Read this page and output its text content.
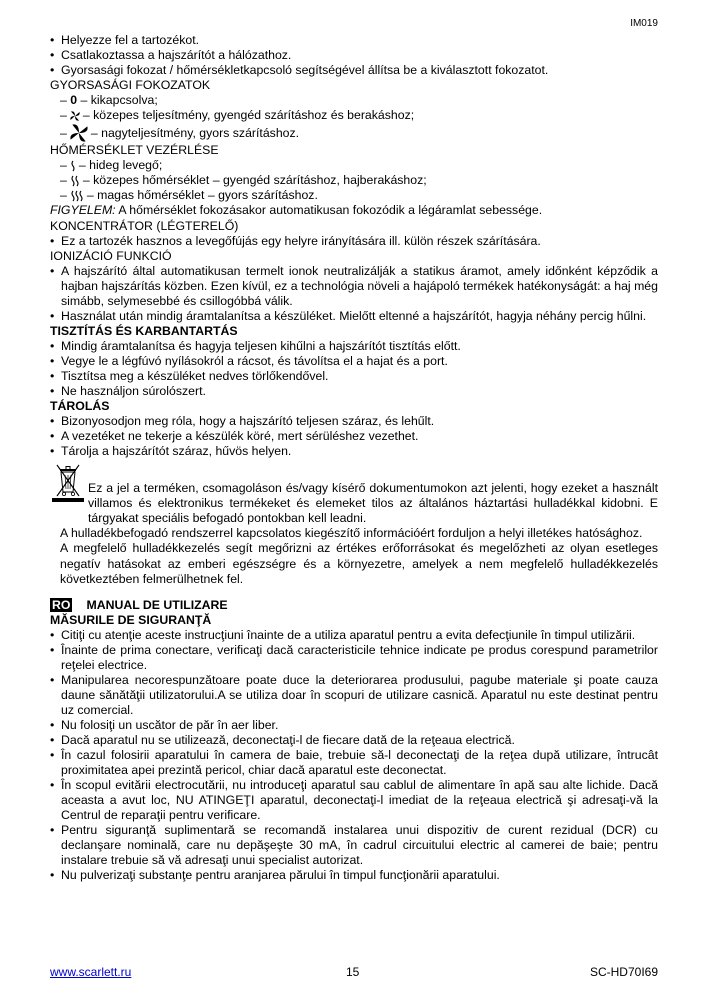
IM019

• Helyezze fel a tartozékot.

• Csatlakoztassa a hajszárítót a hálózathoz.

• Gyorsasági fokozat / hőmérsékletkapcsoló segítségével állítsa be a kiválasztott fokozatot.

GYORSASÁGI FOKOZATOK

– 0 – kikapcsolva;

– – közepes teljesítmény, gyengéd szárításhoz és berakáshoz;

– – nagyteljesítmény, gyors szárításhoz.

HŐMÉRSÉKLET VEZÉRLÉSE

– – hideg levegő;

– – közepes hőmérséklet – gyengéd szárításhoz, hajberakáshoz;

– – magas hőmérséklet – gyors szárításhoz.

FIGYELEM: A hőmérséklet fokozásakor automatikusan fokozódik a légáramlat sebessége.

KONCENTRÁTOR (LÉGTERELŐ)

• Ez a tartozék hasznos a levegőfújás egy helyre irányítására ill. külön részek szárítására.

IONIZÁCIÓ FUNKCIÓ

• A hajszárító által automatikusan termelt ionok neutralizálják a statikus áramot, amely időnként képződik a hajban hajszárítás közben. Ezen kívül, ez a technológia növeli a hajápoló termékek hatékonyságát: a haj még simább, selymesebbé és csillogóbbá válik.

• Használat után mindig áramtalanítsa a készüléket. Mielőtt eltenné a hajszárítót, hagyja néhány percig hűlni.

TISZTÍTÁS ÉS KARBANTARTÁS

• Mindig áramtalanítsa és hagyja teljesen kihűlni a hajszárítót tisztítás előtt.

• Vegye le a légfúvó nyílásokról a rácsot, és távolítsa el a hajat és a port.

• Tisztítsa meg a készüléket nedves törlőkendővel.

• Ne használjon súrolószert.

TÁROLÁS

• Bizonyosodjon meg róla, hogy a hajszárító teljesen száraz, és lehűlt.

• A vezetéket ne tekerje a készülék köré, mert sérüléshez vezethet.

• Tárolja a hajszárítót száraz, hűvös helyen.

Ez a jel a terméken, csomagoláson és/vagy kísérő dokumentumokon azt jelenti, hogy ezeket a használt villamos és elektronikus termékeket és elemeket tilos az általános háztartási hulladékkal kidobni. E tárgyakat speciális befogadó pontokban kell leadni.

A hulladékbefogadó rendszerrel kapcsolatos kiegészítő információért forduljon a helyi illetékes hatósághoz.

A megfelelő hulladékkezelés segít megőrizni az értékes erőforrásokat és megelőzheti az olyan esetleges negatív hatásokat az emberi egészségre és a környezetre, amelyek a nem megfelelő hulladékkezelés következtében felmerülhetnek fel.

RO MANUAL DE UTILIZARE

MĂSURILE DE SIGURANŢĂ

• Citiţi cu atenţie aceste instrucţiuni înainte de a utiliza aparatul pentru a evita defecţiunile în timpul utilizării.

• Înainte de prima conectare, verificaţi dacă caracteristicile tehnice indicate pe produs corespund parametrilor reţelei electrice.

• Manipularea necorespunzătoare poate duce la deteriorarea produsului, pagube materiale şi poate cauza daune sănătăţii utilizatorului.A se utiliza doar în scopuri de utilizare casnică. Aparatul nu este destinat pentru uz comercial.

• Nu folosiţi un uscător de păr în aer liber.

• Dacă aparatul nu se utilizează, deconectaţi-l de fiecare dată de la reţeaua electrică.

• În cazul folosirii aparatului în camera de baie, trebuie să-l deconectaţi de la reţea după utilizare, întrucât proximitatea apei prezintă pericol, chiar dacă aparatul este deconectat.

• În scopul evitării electrocutării, nu introduceţi aparatul sau cablul de alimentare în apă sau alte lichide. Dacă aceasta a avut loc, NU ATINGEŢI aparatul, deconectaţi-l imediat de la reţeaua electrică şi adresaţi-vă la Centrul de reparaţii pentru verificare.

• Pentru siguranţă suplimentară se recomandă instalarea unui dispozitiv de curent rezidual (DCR) cu declanşare nominală, care nu depăşeşte 30 mA, în cadrul circuitului electric al camerei de baie; pentru instalare trebuie să vă adresaţi unui specialist autorizat.

• Nu pulverizaţi substanţe pentru aranjarea părului în timpul funcţionării aparatului.

www.scarlett.ru	15	SC-HD70I69
